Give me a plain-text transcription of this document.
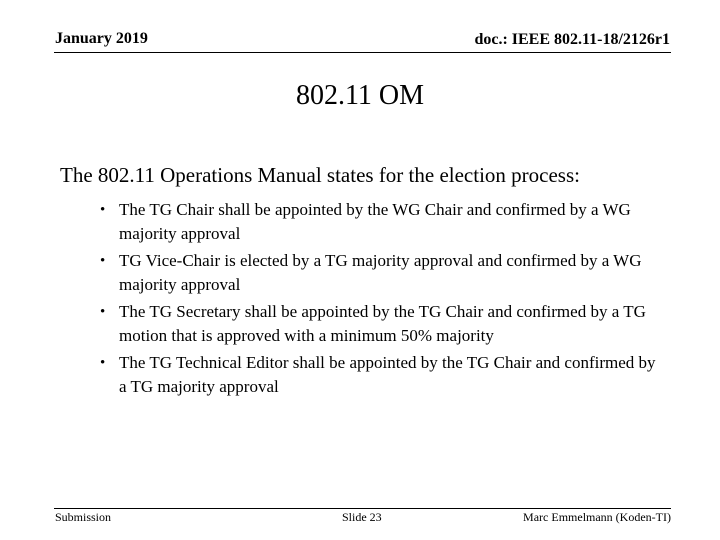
January 2019	doc.: IEEE 802.11-18/2126r1
802.11 OM

The 802.11 Operations Manual states for the election process:

• The TG Chair shall be appointed by the WG Chair and confirmed by a WG majority approval
• TG Vice-Chair is elected by a TG majority approval and confirmed by a WG majority approval
• The TG Secretary shall be appointed by the TG Chair and confirmed by a TG motion that is approved with a minimum 50% majority
• The TG Technical Editor shall be appointed by the TG Chair and confirmed by a TG majority approval
Submission	Slide 23	Marc Emmelmann (Koden-TI)
